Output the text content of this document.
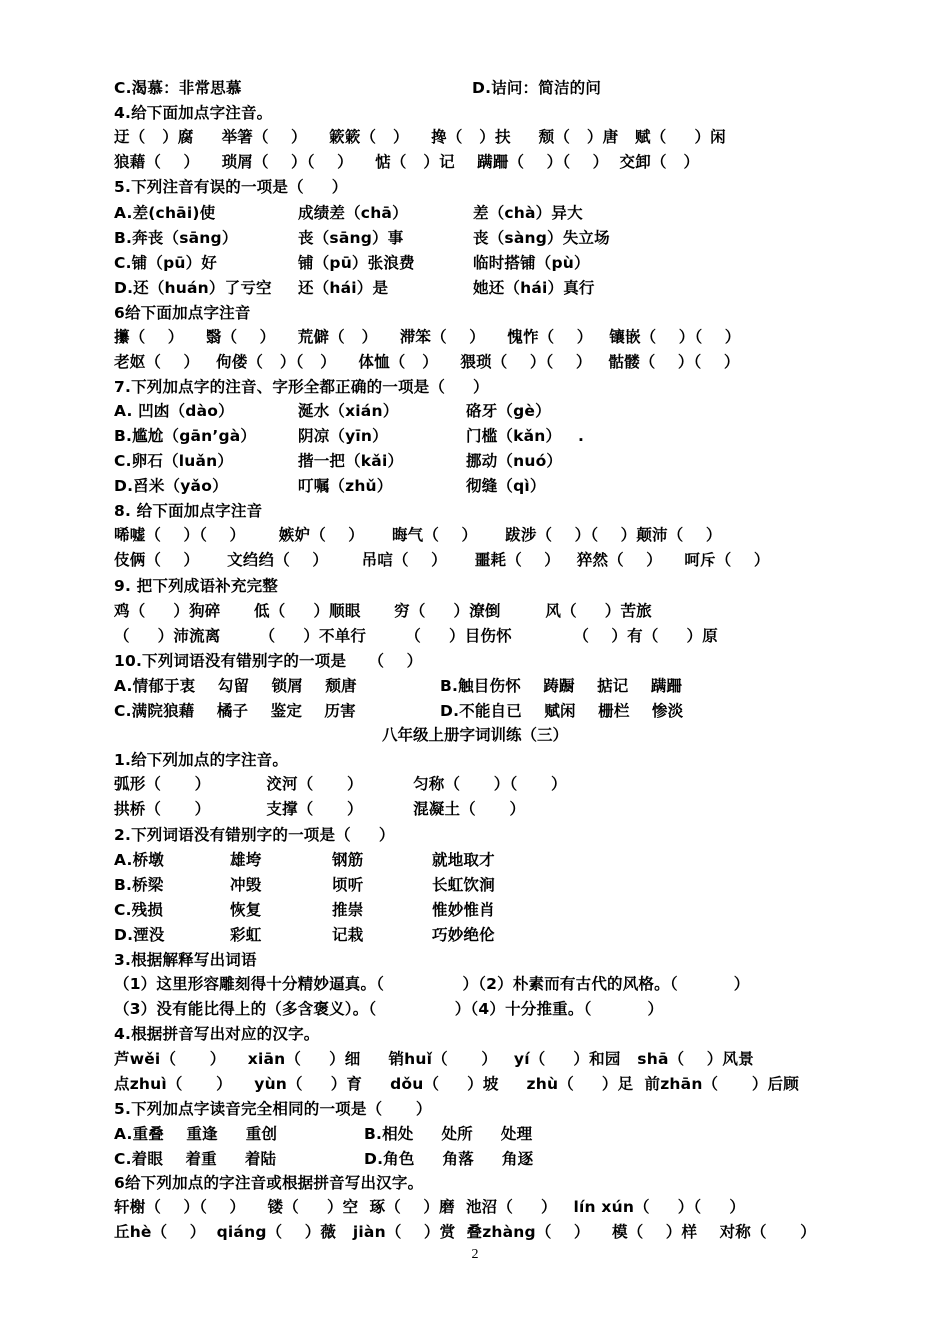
C.渴慕：非常思慕	D.诘问：简洁的问
4.给下面加点字注音。
迂（   ）腐     举箸（    ）    簌簌（   ）    搀（   ）扶     颓（   ）唐   赋（     ）闲
狼藉（    ）    琐屑（    ）（    ）    惦（   ）记    蹒跚（    ）（    ）  交卸（   ）
5.下列注音有误的一项是（     ）
A.差(chāi)使	成绩差（chā）	差（chà）异大
B.奔丧（sāng）	丧（sāng）事	丧（sàng）失立场
C.铺（pū）好	铺（pū）张浪费	临时搭铺（pù）
D.还（huán）了亏空 还（hái）是	她还（hái）真行
6给下面加点字注音
攥（    ）    翳（    ）    荒僻（   ）    滞笨（    ）    愧怍（    ）   镶嵌（    ）（    ）
老妪（    ）   佝偻（   ）（   ）    体恤（   ）    猥琐（    ）（    ）   骷髅（    ）（    ）
7.下列加点字的注音、字形全都正确的一项是（     ）
A. 凹凼（dào）	涎水（xián）	硌牙（gè）
B.尴尬（gān’gà）	阴凉（yīn）	门槛（kǎn）   .
C.卵石（luǎn）	揩一把（kǎi）	挪动（nuó）
D.舀米（yǎo）	叮嘱（zhǔ）	彻缝（qì）
8. 给下面加点字注音
唏嘘（    ）（    ）      嫉妒（    ）     晦气（    ）     跋涉（    ）（    ）颠沛（    ）
伎俩（    ）     文绉绉（    ）      吊唁（    ）     噩耗（    ）   猝然（    ）    呵斥（    ）
9. 把下列成语补充完整
鸡（     ）狗碎      低（     ）顺眼      穷（     ）潦倒        风（     ）苦旅
（     ）沛流离       （     ）不单行       （     ）目伤怀           （    ）有（     ）原
10.下列词语没有错别字的一项是    （    ）
A.情郁于衷    勾留    锁屑    颓唐	B.触目伤怀    踌蹰    掂记    蹒跚
C.满院狼藉    橘子    鉴定    历害	D.不能自已    赋闲    栅栏    惨淡
八年级上册字词训练（三）
1.给下列加点的字注音。
弧形（      ）          洨河（      ）         匀称（      ）（      ）
拱桥（      ）          支撑（      ）         混凝土（      ）
2.下列词语没有错别字的一项是（     ）
A.桥墩	雄垮	钢筋	就地取才
B.桥梁	冲毁	顷听	长虹饮涧
C.残损	恢复	推崇	惟妙惟肖
D.湮没	彩虹	记栽	巧妙绝伦
3.根据解释写出词语
（1）这里形容雕刻得十分精妙逼真。（              ）（2）朴素而有古代的风格。（          ）
（3）没有能比得上的（多含褒义）。（              ）（4）十分推重。（          ）
4.根据拼音写出对应的汉字。
芦wěi（      ）    xiān（     ）细     销huǐ（      ）   yí（     ）和园   shā（    ）风景
点zhuì（      ）    yùn（     ）育     dǒu（     ）坡     zhù（     ）足  前zhān（      ）后顾
5.下列加点字读音完全相同的一项是（      ）
A.重叠    重逢     重创	B.相处     处所     处理
C.着眼    着重     着陆	D.角色     角落     角逐
6给下列加点的字注音或根据拼音写出汉字。
轩榭（    ）（    ）    镂（     ）空  琢（    ）磨  池沼（     ）   lín xún（     ）（     ）
丘hè（    ）  qiáng（    ）薇   jiàn（    ）赏  叠zhàng（    ）    模（    ）样    对称（      ）
2
